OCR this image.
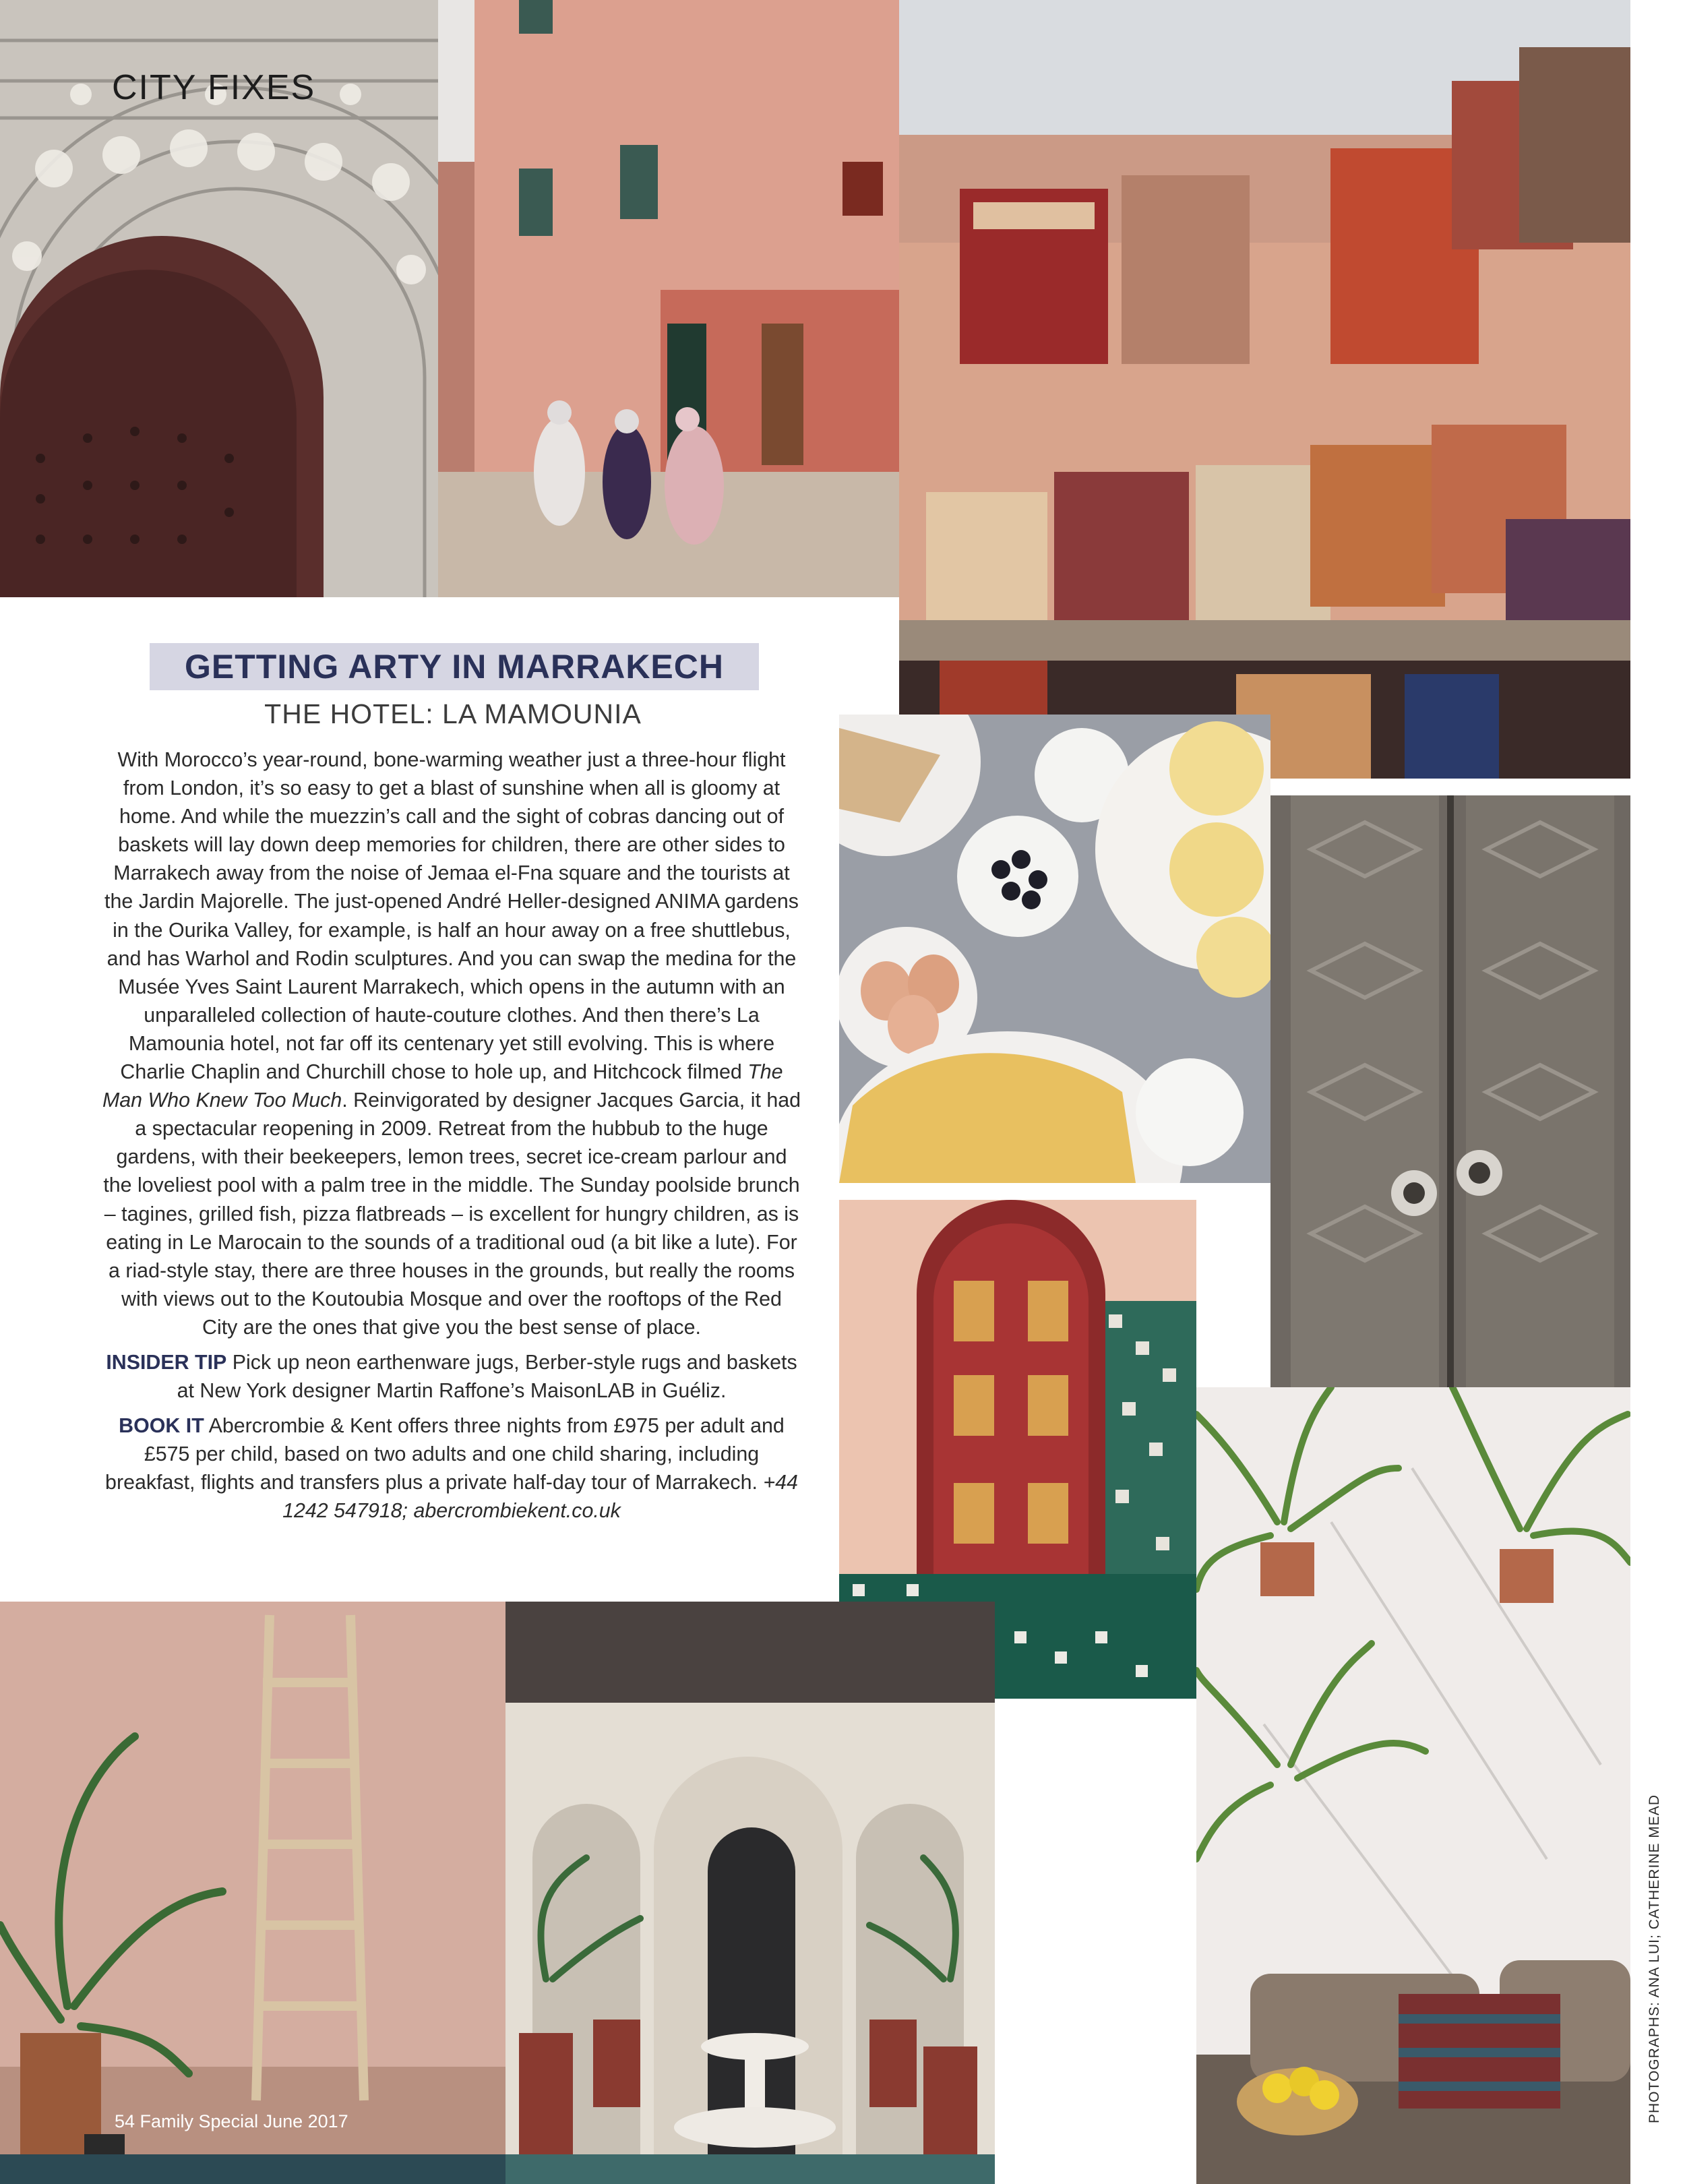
CITY FIXES
GETTING ARTY IN MARRAKECH
THE HOTEL: LA MAMOUNIA

With Morocco’s year-round, bone-warming weather just a three-hour flight from London, it’s so easy to get a blast of sunshine when all is gloomy at home. And while the muezzin’s call and the sight of cobras dancing out of baskets will lay down deep memories for children, there are other sides to Marrakech away from the noise of Jemaa el-Fna square and the tourists at the Jardin Majorelle. The just-opened André Heller-designed ANIMA gardens in the Ourika Valley, for example, is half an hour away on a free shuttlebus, and has Warhol and Rodin sculptures. And you can swap the medina for the Musée Yves Saint Laurent Marrakech, which opens in the autumn with an unparalleled collection of haute-couture clothes. And then there’s La Mamounia hotel, not far off its centenary yet still evolving. This is where Charlie Chaplin and Churchill chose to hole up, and Hitchcock filmed The Man Who Knew Too Much. Reinvigorated by designer Jacques Garcia, it had a spectacular reopening in 2009. Retreat from the hubbub to the huge gardens, with their beekeepers, lemon trees, secret ice-cream parlour and the loveliest pool with a palm tree in the middle. The Sunday poolside brunch – tagines, grilled fish, pizza flatbreads – is excellent for hungry children, as is eating in Le Marocain to the sounds of a traditional oud (a bit like a lute). For a riad-style stay, there are three houses in the grounds, but really the rooms with views out to the Koutoubia Mosque and over the rooftops of the Red City are the ones that give you the best sense of place.

INSIDER TIP Pick up neon earthenware jugs, Berber-style rugs and baskets at New York designer Martin Raffone’s MaisonLAB in Guéliz.

BOOK IT Abercrombie & Kent offers three nights from £975 per adult and £575 per child, based on two adults and one child sharing, including breakfast, flights and transfers plus a private half-day tour of Marrakech. +44 1242 547918; abercrombiekent.co.uk

54 Family Special June 2017	PHOTOGRAPHS: ANA LUI; CATHERINE MEAD
